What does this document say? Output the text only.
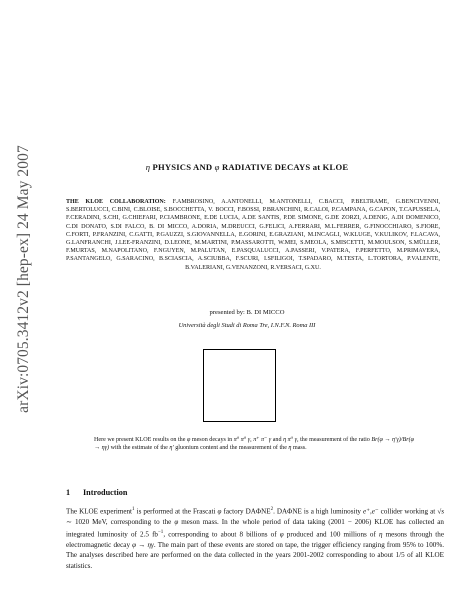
arXiv:0705.3412v2 [hep-ex] 24 May 2007	η PHYSICS AND φ RADIATIVE DECAYS at KLOE
THE KLOE COLLABORATION: F.AMBROSINO, A.ANTONELLI, M.ANTONELLI, C.BACCI, P.BELTRAME, G.BENCIVENNI, S.BERTOLUCCI, C.BINI, C.BLOISE, S.BOCCHETTA, V. BOCCI, F.BOSSI, P.BRANCHINI, R.CALOI, P.CAMPANA, G.CAPON, T.CAPUSSELA, F.CERADINI, S.CHI, G.CHIEFARI, P.CIAMBRONE, E.DE LUCIA, A.DE SANTIS, P.DE SIMONE, G.DE ZORZI, A.DENIG, A.DI DOMENICO, C.DI DONATO, S.DI FALCO, B. DI MICCO, A.DORIA, M.DREUCCI, G.FELICI, A.FERRARI, M.L.FERRER, G.FINOCCHIARO, S.FIORE, C.FORTI, P.FRANZINI, C.GATTI, P.GAUZZI, S.GIOVANNELLA, E.GORINI, E.GRAZIANI, M.INCAGLI, W.KLUGE, V.KULIKOV, F.LACAVA, G.LANFRANCHI, J.LEE-FRANZINI, D.LEONE, M.MARTINI, P.MASSAROTTI, W.MEI, S.MEOLA, S.MISCETTI, M.MOULSON, S.MÜLLER, F.MURTAS, M.NAPOLITANO, F.NGUYEN, M.PALUTAN, E.PASQUALUCCI, A.PASSERI, V.PATERA, F.PERFETTO, M.PRIMAVERA, P.SANTANGELO, G.SARACINO, B.SCIASCIA, A.SCIUBBA, F.SCURI, I.SFILIGOI, T.SPADARO, M.TESTA, L.TORTORA, P.VALENTE, B.VALERIANI, G.VENANZONI, R.VERSACI, G.XU.
presented by: B. DI MICCO
Università degli Studi di Roma Tre, I.N.F.N. Roma III
Here we present KLOE results on the φ meson decays in π⁰ π⁰ γ, π⁺ π⁻ γ and η π⁰ γ, the measurement of the ratio Br(φ → η′γ)/Br(φ → ηγ) with the estimate of the η′ gluonium content and the measurement of the η mass.
1 Introduction
The KLOE experiment$^1$ is performed at the Frascati φ factory DAΦNE$^2$. DAΦNE is a high luminosity e⁺,e⁻ collider working at √s ∼ 1020 MeV, corresponding to the φ meson mass. In the whole period of data taking (2001 − 2006) KLOE has collected an integrated luminosity of 2.5 $fb^{-1}$, corresponding to about 8 billions of φ produced and 100 millions of η mesons through the electromagnetic decay φ → ηγ. The main part of these events are stored on tape, the trigger efficiency ranging from 95% to 100%. The analyses described here are performed on the data collected in the years 2001-2002 corresponding to about 1/5 of all KLOE statistics.
